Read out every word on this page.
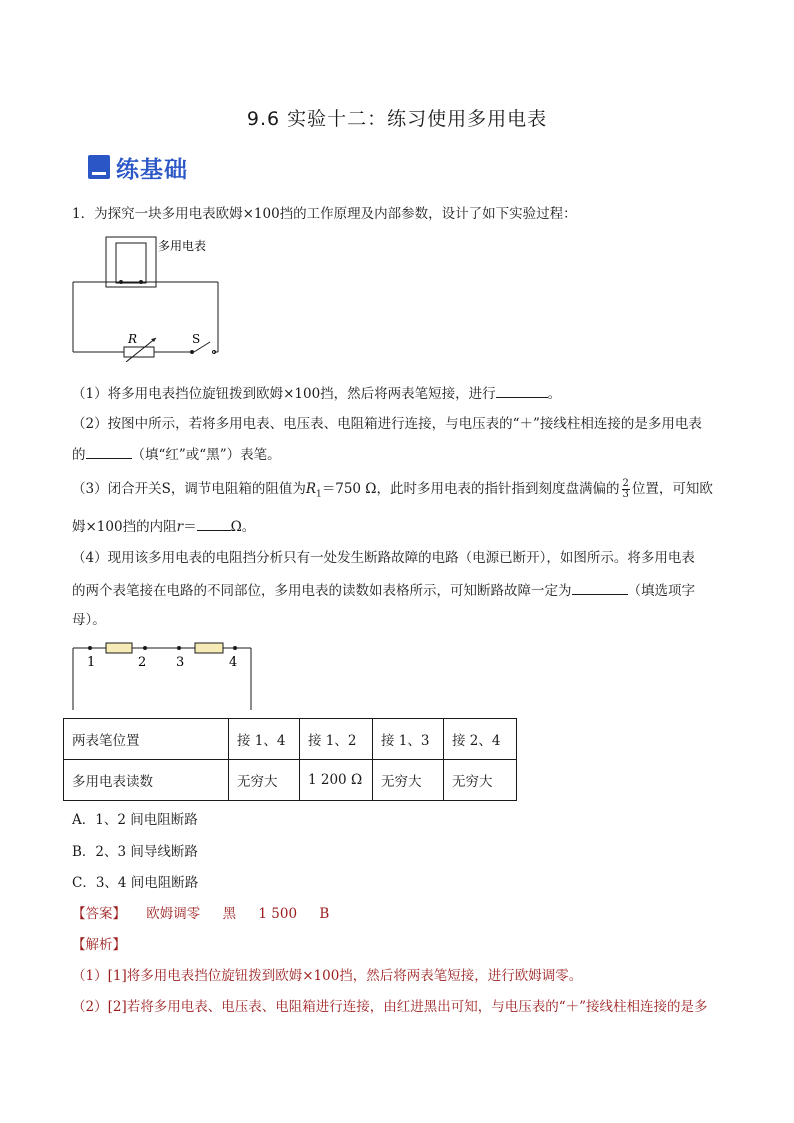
9.6 实验十二：练习使用多用电表
练基础
1．为探究一块多用电表欧姆×100挡的工作原理及内部参数，设计了如下实验过程：
R	S
多用电表
（1）将多用电表挡位旋钮拨到欧姆×100挡，然后将两表笔短接，进行	。
（2）按图中所示，若将多用电表、电压表、电阻箱进行连接，与电压表的“＋”接线柱相连接的是多用电表
的	（填“红”或“黑”）表笔。
（3）闭合开关S，调节电阻箱的阻值为$R_1=750$ Ω，此时多用电表的指针指到刻度盘满偏的 $\frac{2}{3}$ 位置，可知欧
姆×100挡的内阻r＝	Ω。
（4）现用该多用电表的电阻挡分析只有一处发生断路故障的电路（电源已断开），如图所示。将多用电表
的两个表笔接在电路的不同部位，多用电表的读数如表格所示，可知断路故障一定为	（填选项字
母）。
1	2 3	4
两表笔位置	接 1、4	接 1、2	接 1、3	接 2、4
多用电表读数	无穷大	1 200 Ω	无穷大	无穷大
A．1、2 间电阻断路
B．2、3 间导线断路
C．3、4 间电阻断路
【答案】 欧姆调零 黑 1 500 B
【解析】
（1）[1]将多用电表挡位旋钮拨到欧姆×100挡，然后将两表笔短接，进行欧姆调零。
（2）[2]若将多用电表、电压表、电阻箱进行连接，由红进黑出可知，与电压表的“＋”接线柱相连接的是多
